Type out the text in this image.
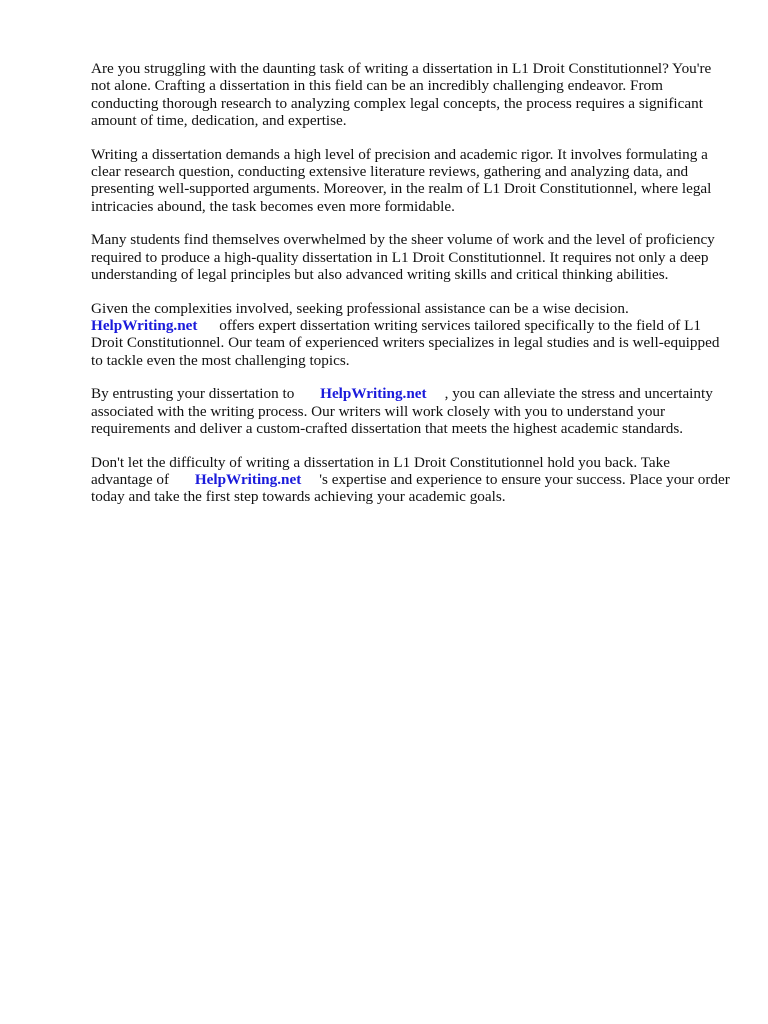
Are you struggling with the daunting task of writing a dissertation in L1 Droit Constitutionnel? You're not alone. Crafting a dissertation in this field can be an incredibly challenging endeavor. From conducting thorough research to analyzing complex legal concepts, the process requires a significant amount of time, dedication, and expertise.

Writing a dissertation demands a high level of precision and academic rigor. It involves formulating a clear research question, conducting extensive literature reviews, gathering and analyzing data, and presenting well-supported arguments. Moreover, in the realm of L1 Droit Constitutionnel, where legal intricacies abound, the task becomes even more formidable.

Many students find themselves overwhelmed by the sheer volume of work and the level of proficiency required to produce a high-quality dissertation in L1 Droit Constitutionnel. It requires not only a deep understanding of legal principles but also advanced writing skills and critical thinking abilities.

Given the complexities involved, seeking professional assistance can be a wise decision. HelpWriting.net offers expert dissertation writing services tailored specifically to the field of L1 Droit Constitutionnel. Our team of experienced writers specializes in legal studies and is well-equipped to tackle even the most challenging topics.

By entrusting your dissertation to HelpWriting.net , you can alleviate the stress and uncertainty associated with the writing process. Our writers will work closely with you to understand your requirements and deliver a custom-crafted dissertation that meets the highest academic standards.

Don't let the difficulty of writing a dissertation in L1 Droit Constitutionnel hold you back. Take advantage of HelpWriting.net 's expertise and experience to ensure your success. Place your order today and take the first step towards achieving your academic goals.
